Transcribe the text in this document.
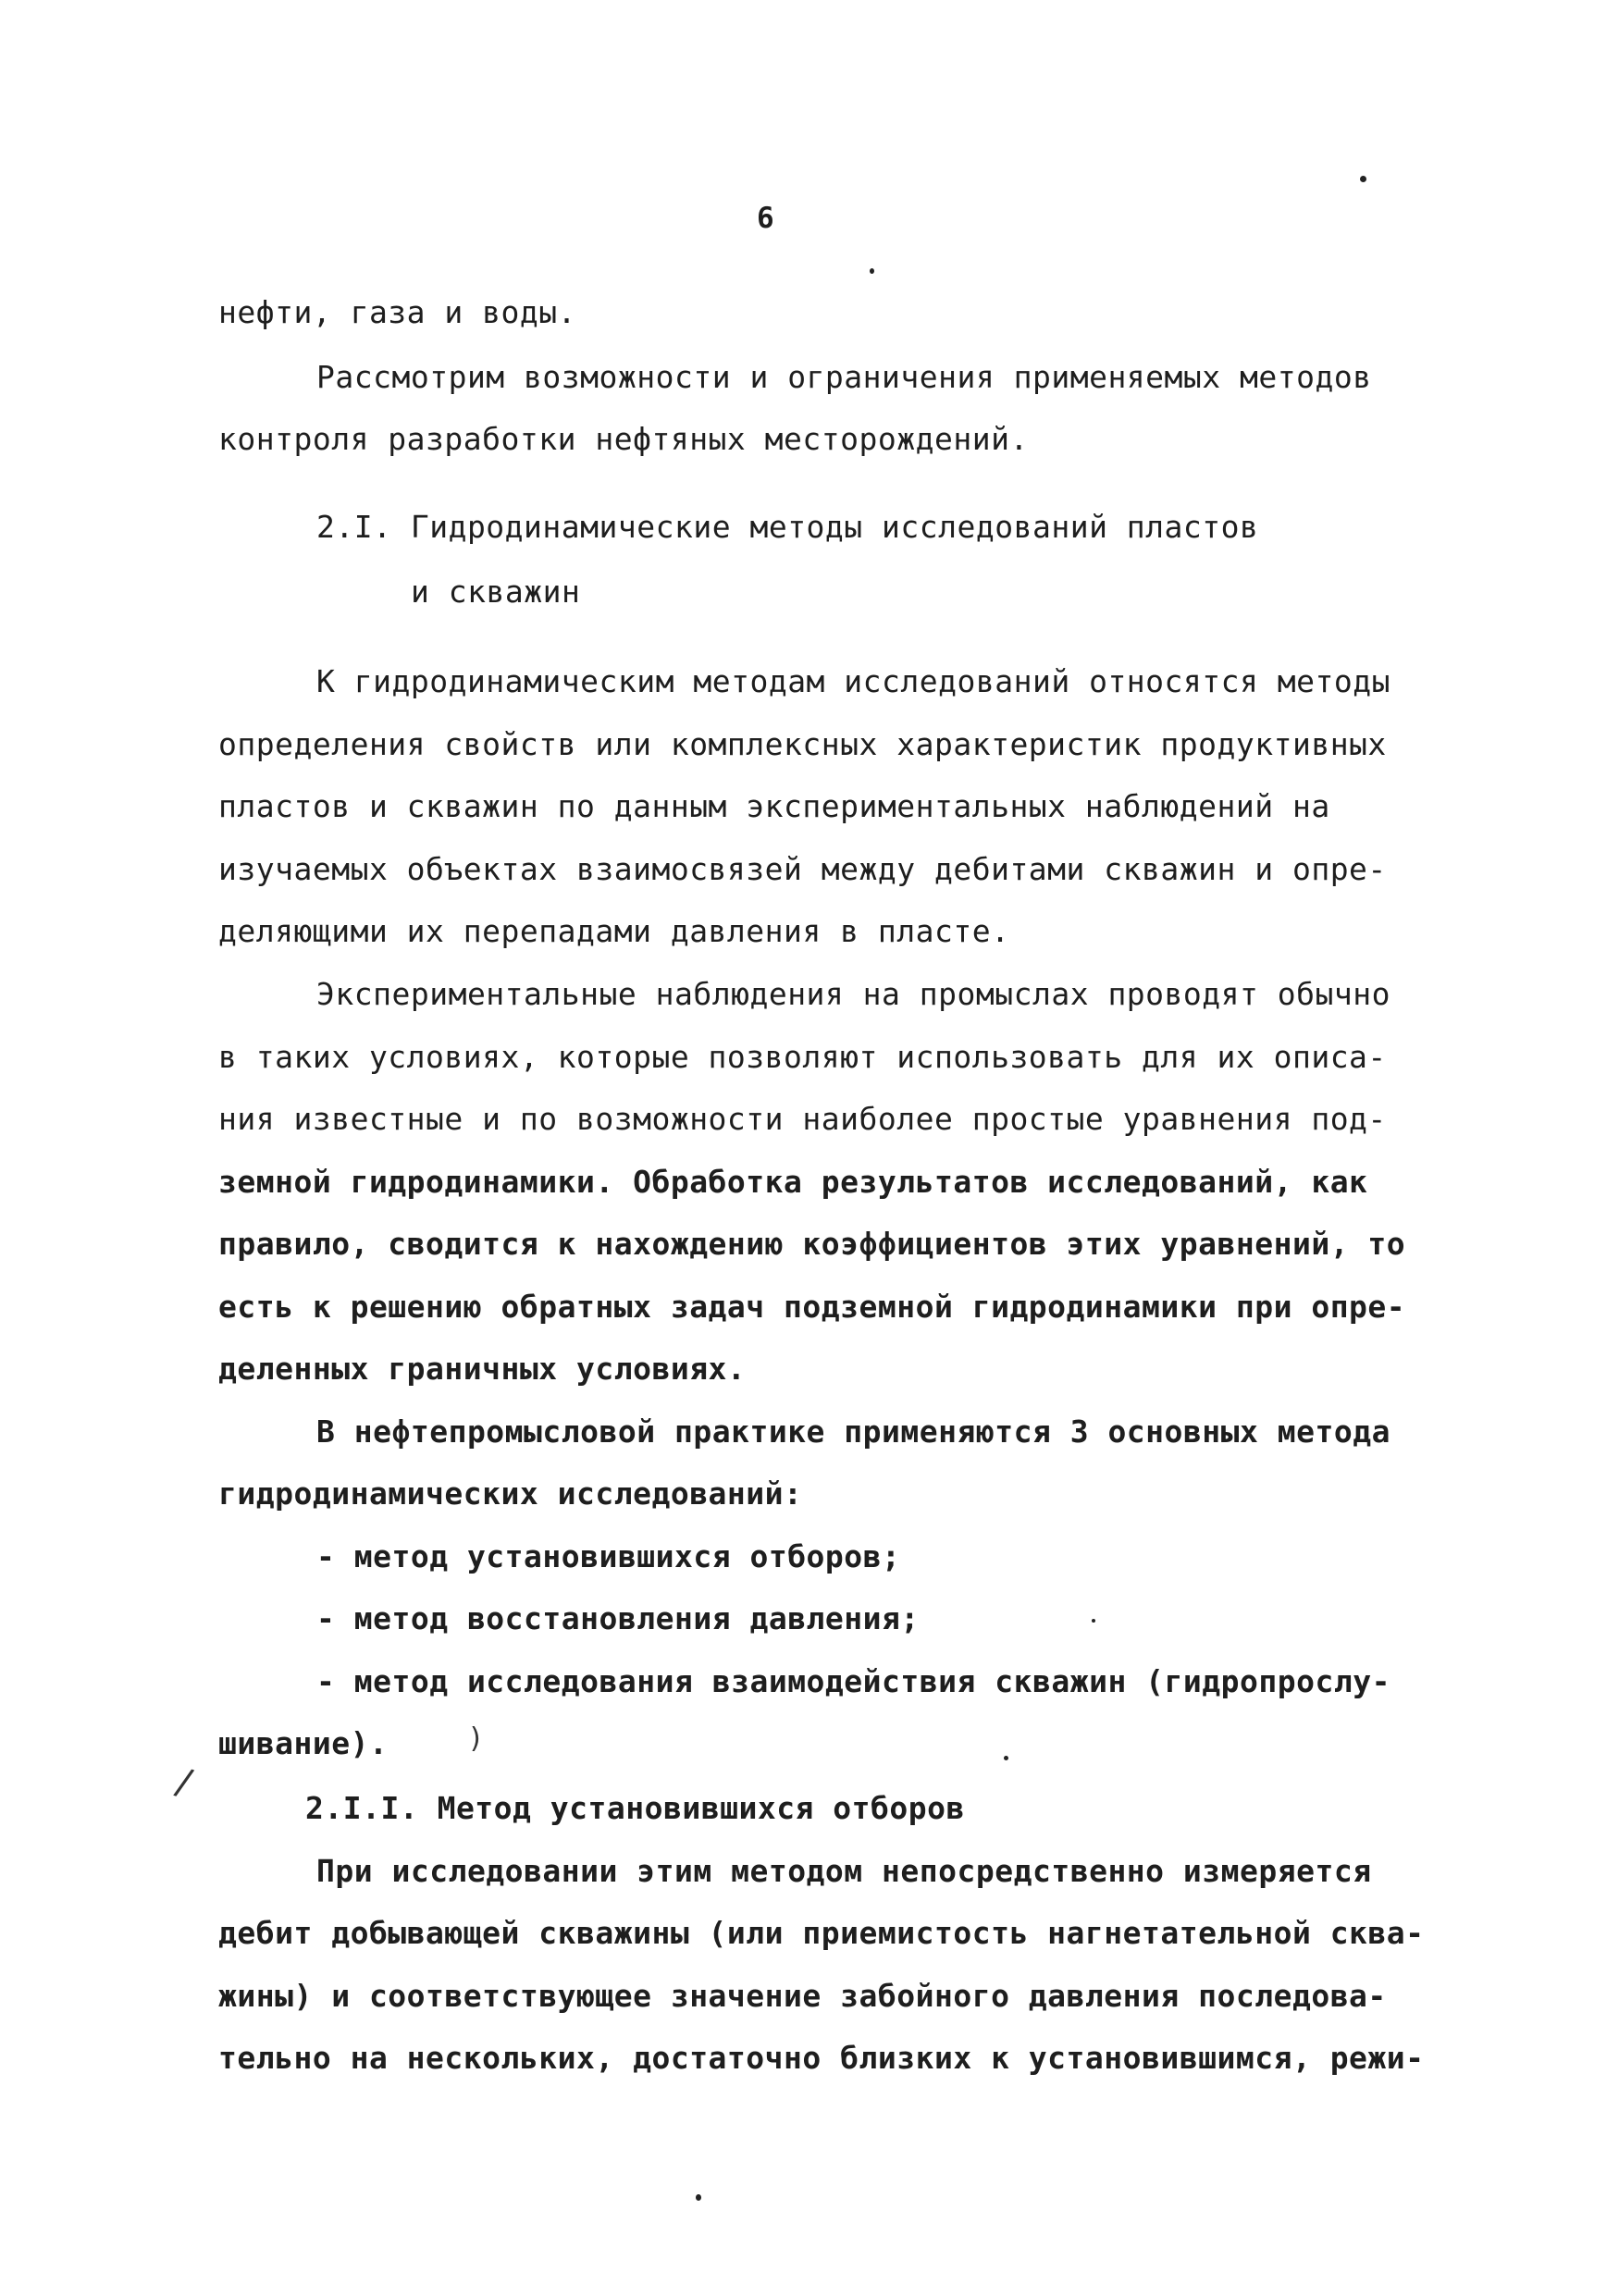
6
нефти, газа и воды.
Рассмотрим возможности и ограничения применяемых методов
контроля разработки нефтяных месторождений.
2.I. Гидродинамические методы исследований пластов
и скважин
К гидродинамическим методам исследований относятся методы
определения свойств или комплексных характеристик продуктивных
пластов и скважин по данным экспериментальных наблюдений на
изучаемых объектах взаимосвязей между дебитами скважин и опре-
деляющими их перепадами давления в пласте.
Экспериментальные наблюдения на промыслах проводят обычно
в таких условиях, которые позволяют использовать для их описа-
ния известные и по возможности наиболее простые уравнения под-
земной гидродинамики. Обработка результатов исследований, как
правило, сводится к нахождению коэффициентов этих уравнений, то
есть к решению обратных задач подземной гидродинамики при опре-
деленных граничных условиях.
В нефтепромысловой практике применяются 3 основных метода
гидродинамических исследований:
- метод установившихся отборов;
- метод восстановления давления;
- метод исследования взаимодействия скважин (гидропрослу-
шивание).
2.I.I. Метод установившихся отборов
При исследовании этим методом непосредственно измеряется
дебит добывающей скважины (или приемистость нагнетательной сква-
жины) и соответствующее значение забойного давления последова-
тельно на нескольких, достаточно близких к установившимся, режи-
/
)
